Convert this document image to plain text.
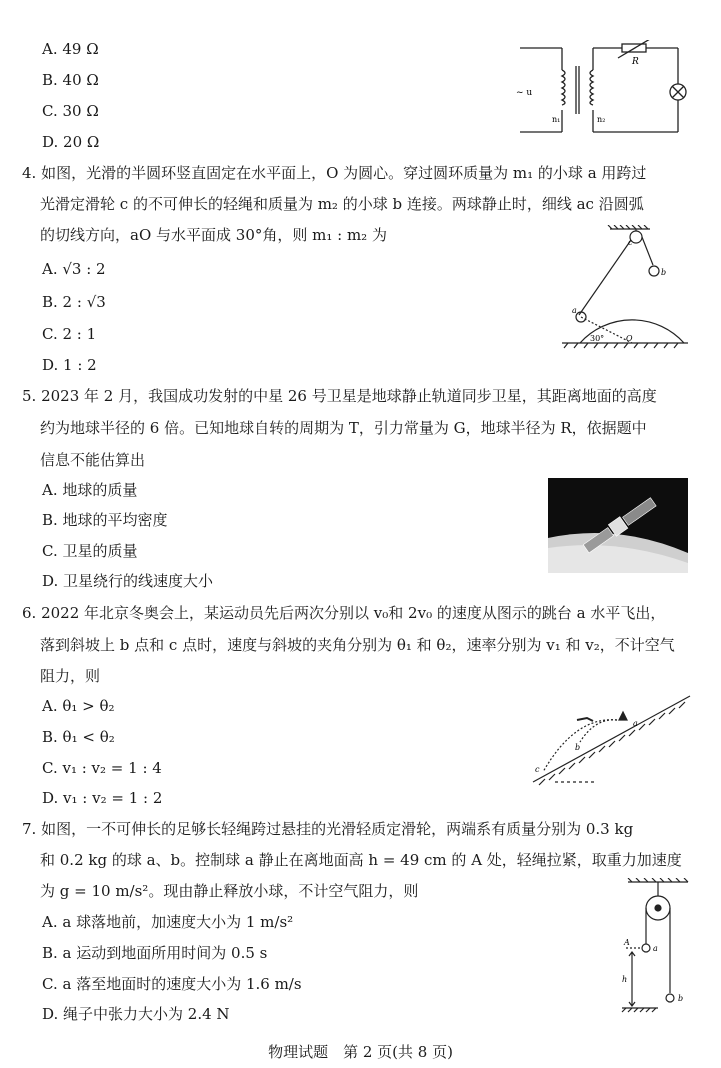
A. 49 Ω
B. 40 Ω
C. 30 Ω
D. 20 Ω
~ u
n₁	n₂
R
4. 如图，光滑的半圆环竖直固定在水平面上，O 为圆心。穿过圆环质量为 m₁ 的小球 a 用跨过
光滑定滑轮 c 的不可伸长的轻绳和质量为 m₂ 的小球 b 连接。两球静止时，细线 ac 沿圆弧
的切线方向，aO 与水平面成 30°角，则 m₁ : m₂ 为
A. √3 : 2
B. 2 : √3
C. 2 : 1
D. 1 : 2
c
b
a
30°	O
5. 2023 年 2 月，我国成功发射的中星 26 号卫星是地球静止轨道同步卫星，其距离地面的高度
约为地球半径的 6 倍。已知地球自转的周期为 T，引力常量为 G，地球半径为 R，依据题中
信息不能估算出
A. 地球的质量
B. 地球的平均密度
C. 卫星的质量
D. 卫星绕行的线速度大小
6. 2022 年北京冬奥会上，某运动员先后两次分别以 v₀和 2v₀ 的速度从图示的跳台 a 水平飞出，
落到斜坡上 b 点和 c 点时，速度与斜坡的夹角分别为 θ₁ 和 θ₂，速率分别为 v₁ 和 v₂，不计空气
阻力，则
A. θ₁ > θ₂
B. θ₁ < θ₂
C. v₁ : v₂ = 1 : 4
D. v₁ : v₂ = 1 : 2
a
b
c
7. 如图，一不可伸长的足够长轻绳跨过悬挂的光滑轻质定滑轮，两端系有质量分别为 0.3 kg
和 0.2 kg 的球 a、b。控制球 a 静止在离地面高 h = 49 cm 的 A 处，轻绳拉紧，取重力加速度
为 g = 10 m/s²。现由静止释放小球，不计空气阻力，则
A. a 球落地前，加速度大小为 1 m/s²
B. a 运动到地面所用时间为 0.5 s
C. a 落至地面时的速度大小为 1.6 m/s
D. 绳子中张力大小为 2.4 N
A
a
h
b
物理试题　第 2 页(共 8 页)
